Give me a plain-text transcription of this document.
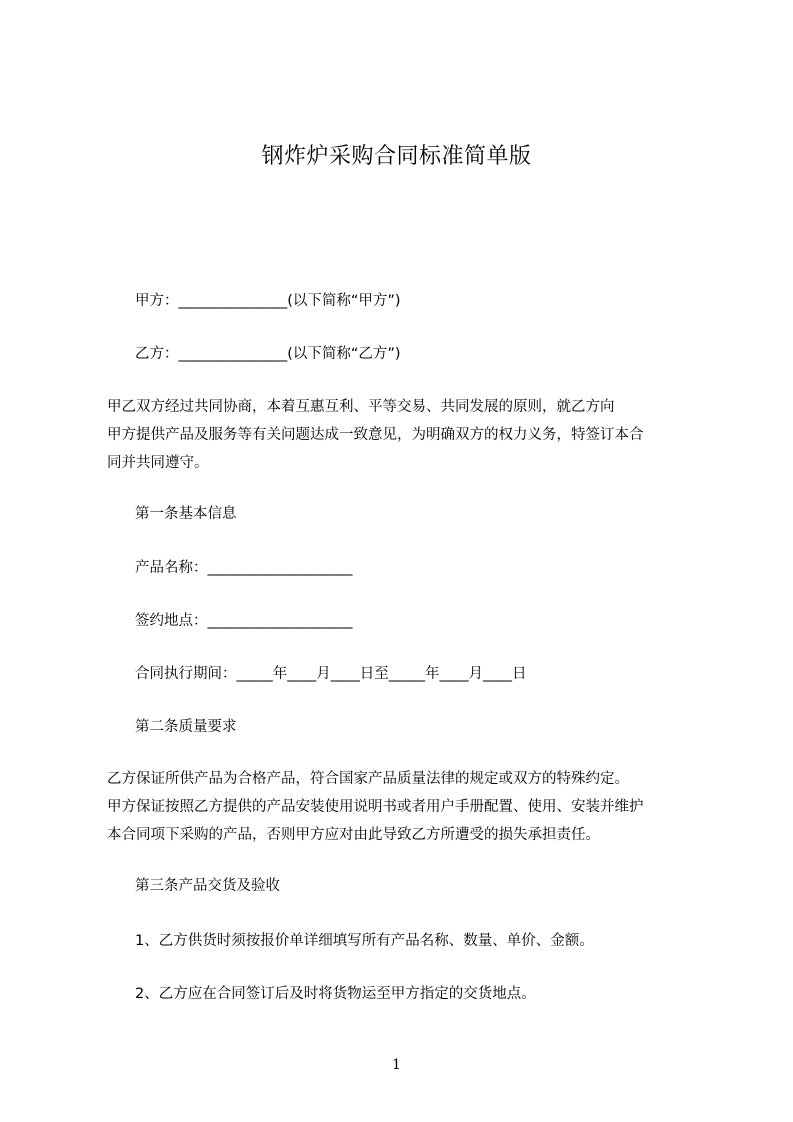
钢炸炉采购合同标准简单版
甲方：_______________(以下简称“甲方”)
乙方：_______________(以下简称“乙方”)
甲乙双方经过共同协商，本着互惠互利、平等交易、共同发展的原则，就乙方向
甲方提供产品及服务等有关问题达成一致意见，为明确双方的权力义务，特签订本合
同并共同遵守。
第一条基本信息
产品名称：____________________
签约地点：____________________
合同执行期间：_____年____月____日至_____年____月____日
第二条质量要求
乙方保证所供产品为合格产品，符合国家产品质量法律的规定或双方的特殊约定。
甲方保证按照乙方提供的产品安装使用说明书或者用户手册配置、使用、安装并维护
本合同项下采购的产品，否则甲方应对由此导致乙方所遭受的损失承担责任。
第三条产品交货及验收
1、乙方供货时须按报价单详细填写所有产品名称、数量、单价、金额。
2、乙方应在合同签订后及时将货物运至甲方指定的交货地点。
1
